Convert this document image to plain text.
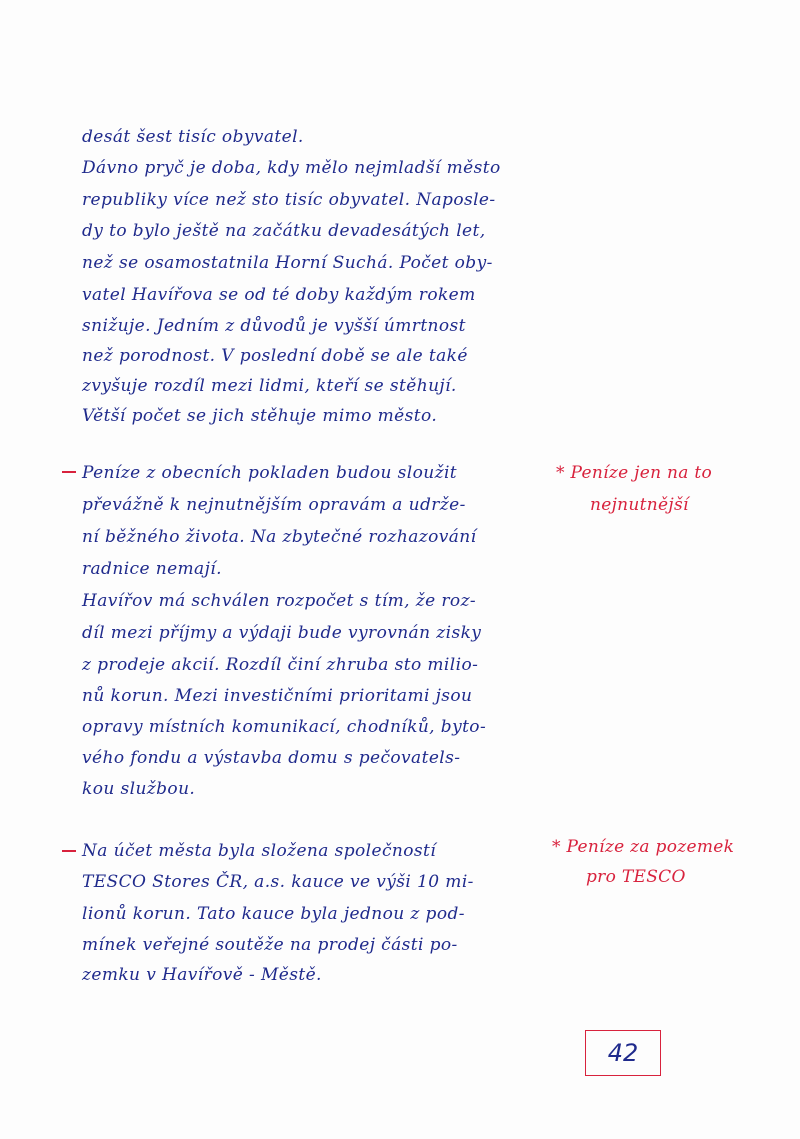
desát šest tisíc obyvatel.
Dávno pryč je doba, kdy mělo nejmladší město
republiky více než sto tisíc obyvatel. Naposle-
dy to bylo ještě na začátku devadesátých let,
než se osamostatnila Horní Suchá. Počet oby-
vatel Havířova se od té doby každým rokem
snižuje. Jedním z důvodů je vyšší úmrtnost
než porodnost. V poslední době se ale také
zvyšuje rozdíl mezi lidmi, kteří se stěhují.
Větší počet se jich stěhuje mimo město.
Peníze z obecních pokladen budou sloužit
převážně k nejnutnějším opravám a udrže-
ní běžného života. Na zbytečné rozhazování
radnice nemají.
Havířov má schválen rozpočet s tím, že roz-
díl mezi příjmy a výdaji bude vyrovnán zisky
z prodeje akcií. Rozdíl činí zhruba sto milio-
nů korun. Mezi investičními prioritami jsou
opravy místních komunikací, chodníků, byto-
vého fondu a výstavba domu s pečovatels-
kou službou.
* Peníze jen na to
nejnutnější
Na účet města byla složena společností
TESCO Stores ČR, a.s. kauce ve výši 10 mi-
lionů korun. Tato kauce byla jednou z pod-
mínek veřejné soutěže na prodej části po-
zemku v Havířově - Městě.
* Peníze za pozemek
pro TESCO
42
